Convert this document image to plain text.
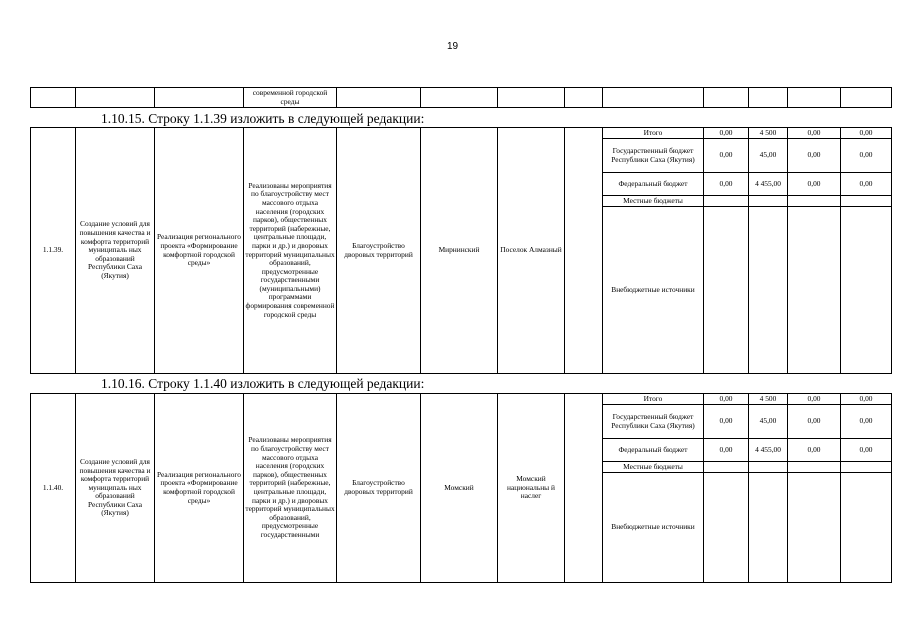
19
			современной городской среды									
1.10.15. Строку 1.1.39 изложить в следующей редакции:
1.1.39.	Создание условий для повышения качества и комфорта территорий муниципаль ных образований Республики Саха (Якутия)	Реализация регионального проекта «Формирование комфортной городской среды»	Реализованы мероприятия по благоустройству мест массового отдыха населения (городских парков), общественных территорий (набережные, центральные площади, парки и др.) и дворовых территорий муниципальных образований, предусмотренные государственными (муниципальными) программами формирования современной городской среды	Благоустройство дворовых территорий	Мирнинский	Поселок Алмазный		Итого	0,00	4 500	0,00	0,00
								Государственный бюджет Республики Саха (Якутия)	0,00	45,00	0,00	0,00
								Федеральный бюджет	0,00	4 455,00	0,00	0,00
								Местные бюджеты				
								Внебюджетные источники				
1.10.16. Строку 1.1.40 изложить в следующей редакции:
1.1.40.	Создание условий для повышения качества и комфорта территорий муниципаль ных образований Республики Саха (Якутия)	Реализация регионального проекта «Формирование комфортной городской среды»	Реализованы мероприятия по благоустройству мест массового отдыха населения (городских парков), общественных территорий (набережные, центральные площади, парки и др.) и дворовых территорий муниципальных образований, предусмотренные государственными	Благоустройство дворовых территорий	Момский	Момский национальны й наслег		Итого	0,00	4 500	0,00	0,00
								Государственный бюджет Республики Саха (Якутия)	0,00	45,00	0,00	0,00
								Федеральный бюджет	0,00	4 455,00	0,00	0,00
								Местные бюджеты				
								Внебюджетные источники				
